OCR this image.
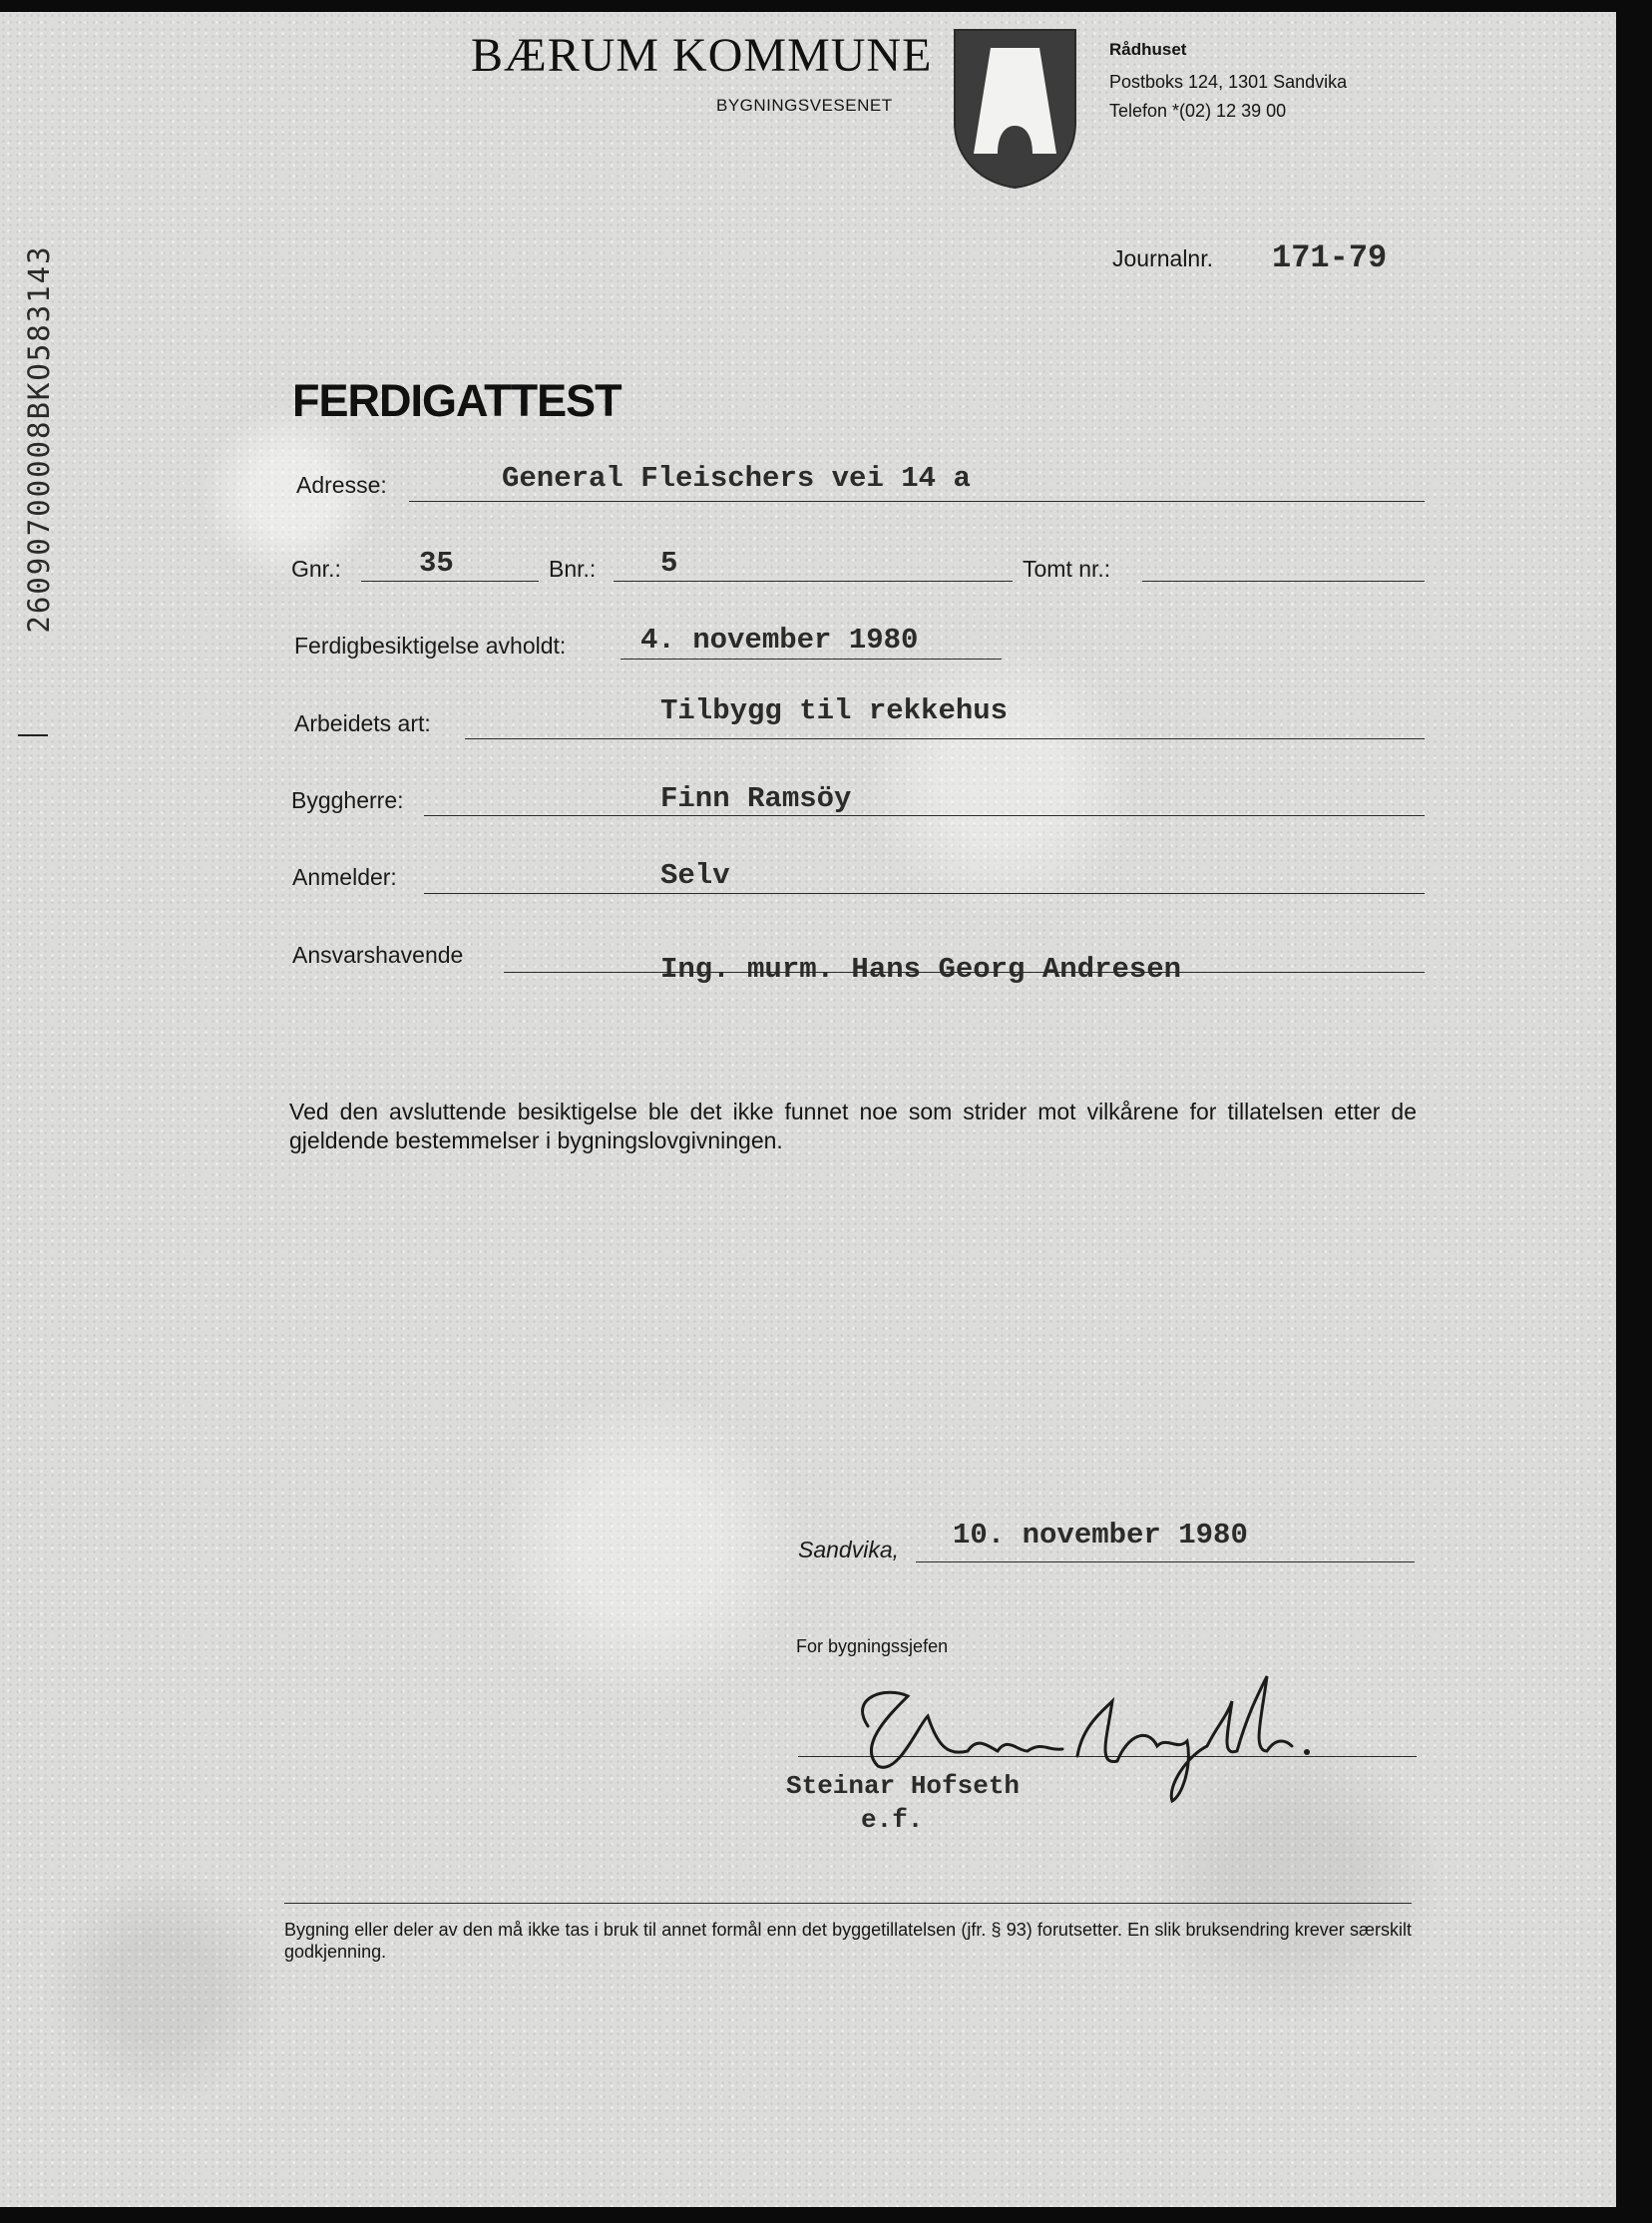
26090700008BKO583143
BÆRUM KOMMUNE
BYGNINGSVESENET
Rådhuset
Postboks 124, 1301 Sandvika
Telefon *(02) 12 39 00
Journalnr. 171-79
FERDIGATTEST
Adresse:	General Fleischers vei 14 a
Gnr.:	35	Bnr.: 5	Tomt nr.:
Ferdigbesiktigelse avholdt:	4. november 1980
Arbeidets art:	Tilbygg til rekkehus
Byggherre:	Finn Ramsöy
Anmelder:	Selv
Ansvarshavende	Ing. murm. Hans Georg Andresen
Ved den avsluttende besiktigelse ble det ikke funnet noe som strider mot vilkårene for tillatelsen etter de gjeldende bestemmelser i bygningslovgivningen.
Sandvika, 10. november 1980
For bygningssjefen
Steinar Hofseth
e.f.
Bygning eller deler av den må ikke tas i bruk til annet formål enn det byggetillatelsen (jfr. § 93) forutsetter. En slik bruksendring krever særskilt godkjenning.
